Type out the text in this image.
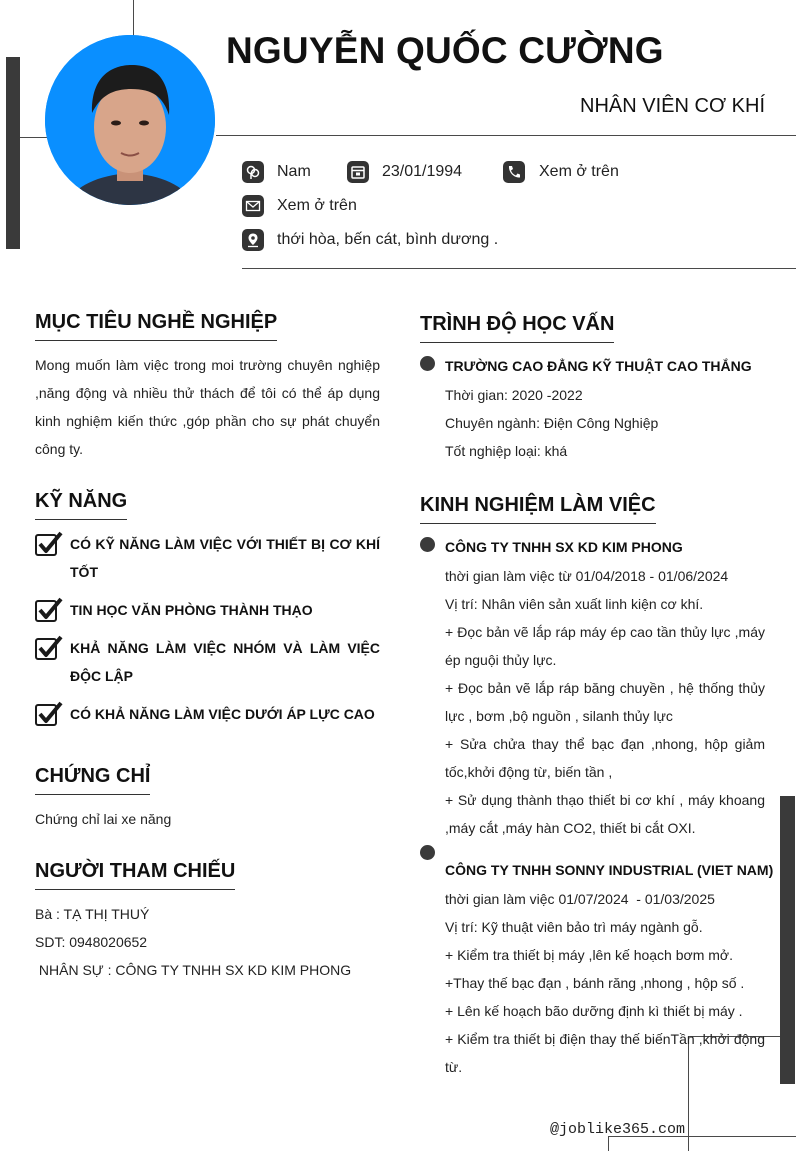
NGUYỄN QUỐC CƯỜNG
NHÂN VIÊN CƠ KHÍ
Nam	23/01/1994	Xem ở trên
Xem ở trên
thới hòa, bến cát, bình dương .
MỤC TIÊU NGHỀ NGHIỆP
Mong muốn làm việc trong moi trường chuyên nghiệp ,năng động và nhiều thử thách để tôi có thể áp dụng kinh nghiệm kiến thức ,góp phần cho sự phát chuyển công ty.
KỸ NĂNG
CÓ KỸ NĂNG LÀM VIỆC VỚI THIẾT BỊ CƠ KHÍ TỐT
TIN HỌC VĂN PHÒNG THÀNH THẠO
KHẢ NĂNG LÀM VIỆC NHÓM VÀ LÀM VIỆC ĐỘC LẬP
CÓ KHẢ NĂNG LÀM VIỆC DƯỚI ÁP LỰC CAO
CHỨNG CHỈ
Chứng chỉ lai xe năng
NGƯỜI THAM CHIẾU
Bà : TẠ THỊ THUÝ
SDT: 0948020652
NHÂN SỰ : CÔNG TY TNHH SX KD KIM PHONG
TRÌNH ĐỘ HỌC VẤN
TRƯỜNG CAO ĐẲNG KỸ THUẬT CAO THẮNG
Thời gian: 2020 -2022
Chuyên ngành: Điện Công Nghiệp
Tốt nghiệp loại: khá
KINH NGHIỆM LÀM VIỆC
CÔNG TY TNHH SX KD KIM PHONG
thời gian làm việc từ 01/04/2018 - 01/06/2024
Vị trí: Nhân viên sản xuất linh kiện cơ khí.
+ Đọc bản vẽ lắp ráp máy ép cao tần thủy lực ,máy ép nguội thủy lực.
+ Đọc bản vẽ lắp ráp băng chuyền , hệ thống thủy lực , bơm ,bộ nguồn , silanh thủy lực
+ Sửa chửa thay thể bạc đạn ,nhong, hộp giảm tốc,khởi động từ, biến tần ,
+ Sử dụng thành thạo thiết bi cơ khí , máy khoang ,máy cắt ,máy hàn CO2, thiết bi cắt OXI.
CÔNG TY TNHH SONNY INDUSTRIAL (VIET NAM)
thời gian làm việc 01/07/2024  - 01/03/2025
Vị trí: Kỹ thuật viên bảo trì máy ngành gỗ.
+ Kiểm tra thiết bị máy ,lên kế hoạch bơm mở.
+Thay thế bạc đạn , bánh răng ,nhong , hộp số .
+ Lên kế hoạch bão dưỡng định kì thiết bị máy .
+ Kiểm tra thiết bị điện thay thế biếnTần ,khởi động từ.
@joblike365.com
